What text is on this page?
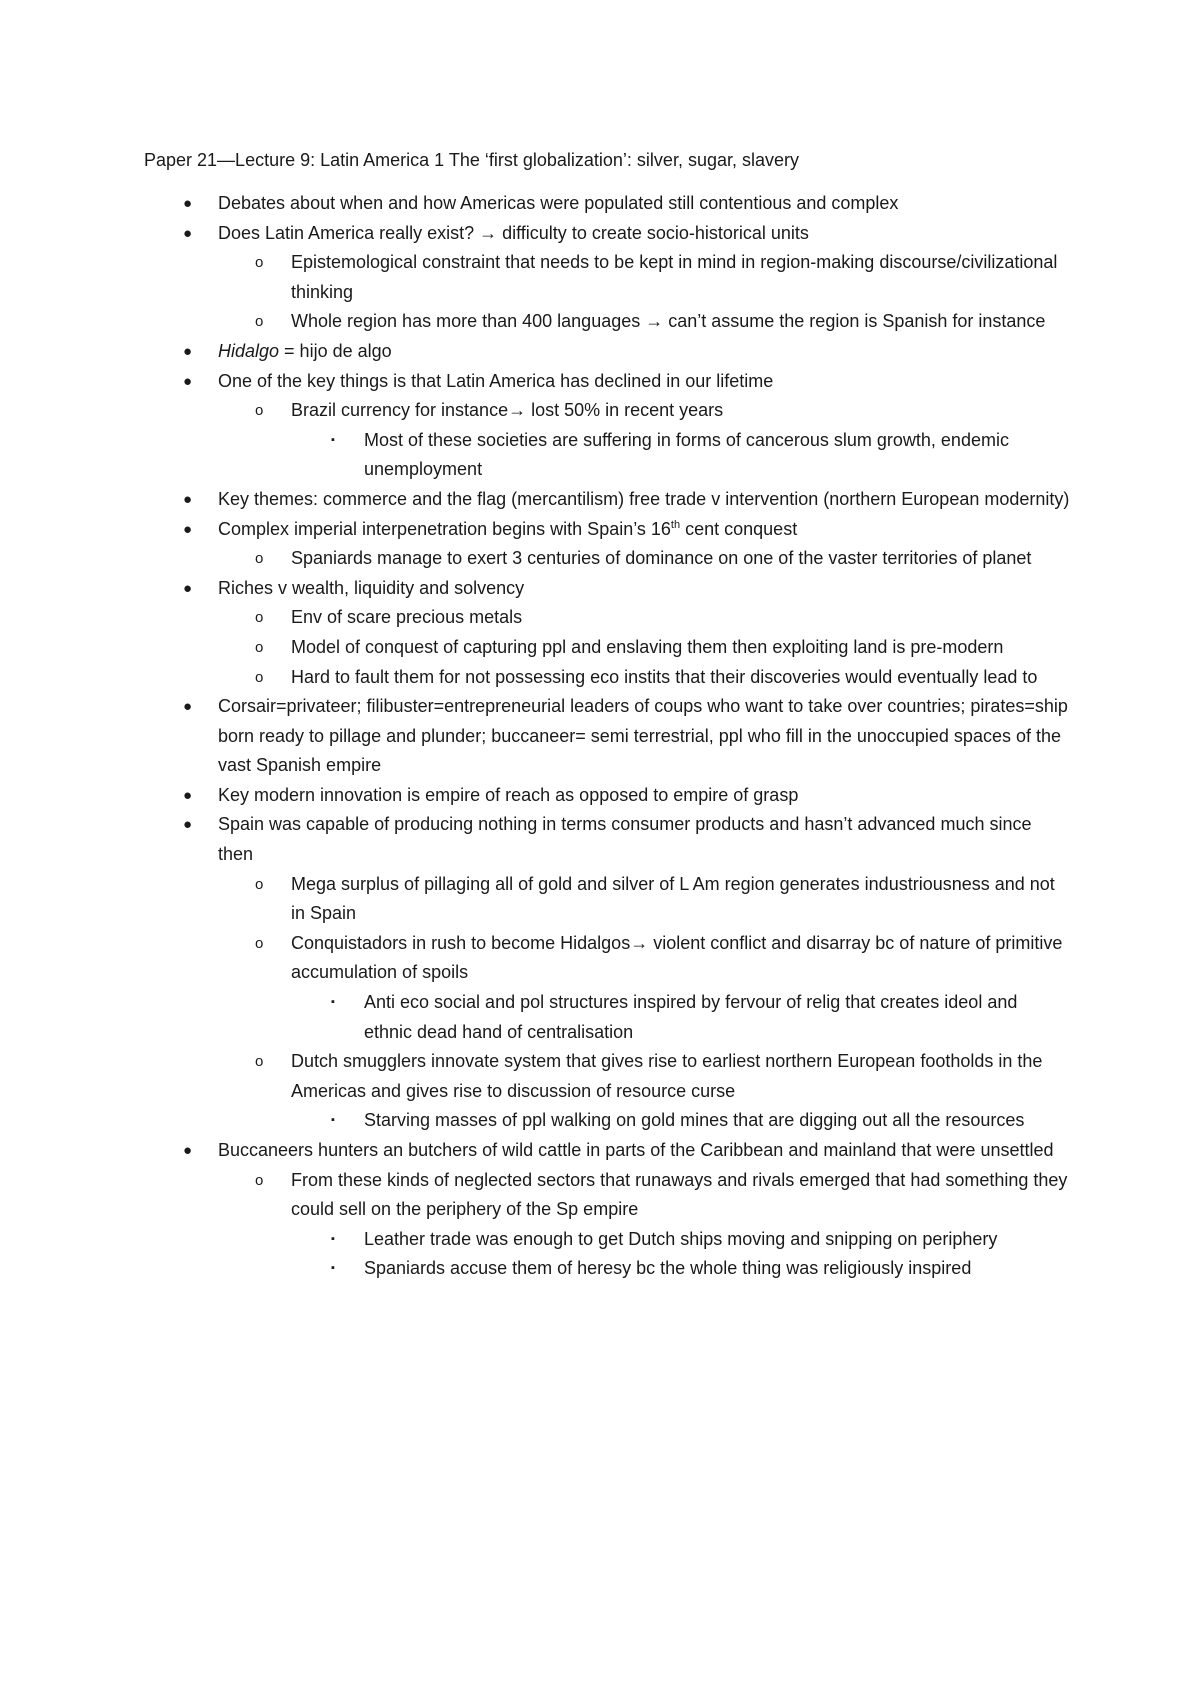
Paper 21—Lecture 9: Latin America 1 The ‘first globalization’: silver, sugar, slavery
● Debates about when and how Americas were populated still contentious and complex
● Does Latin America really exist? → difficulty to create socio-historical units
o Epistemological constraint that needs to be kept in mind in region-making discourse/civilizational thinking
o Whole region has more than 400 languages → can’t assume the region is Spanish for instance
● Hidalgo = hijo de algo
● One of the key things is that Latin America has declined in our lifetime
o Brazil currency for instance→ lost 50% in recent years
▪ Most of these societies are suffering in forms of cancerous slum growth, endemic unemployment
● Key themes: commerce and the flag (mercantilism) free trade v intervention (northern European modernity)
● Complex imperial interpenetration begins with Spain’s 16th cent conquest
o Spaniards manage to exert 3 centuries of dominance on one of the vaster territories of planet
● Riches v wealth, liquidity and solvency
o Env of scare precious metals
o Model of conquest of capturing ppl and enslaving them then exploiting land is pre-modern
o Hard to fault them for not possessing eco instits that their discoveries would eventually lead to
● Corsair=privateer; filibuster=entrepreneurial leaders of coups who want to take over countries; pirates=ship born ready to pillage and plunder; buccaneer= semi terrestrial, ppl who fill in the unoccupied spaces of the vast Spanish empire
● Key modern innovation is empire of reach as opposed to empire of grasp
● Spain was capable of producing nothing in terms consumer products and hasn’t advanced much since then
o Mega surplus of pillaging all of gold and silver of L Am region generates industriousness and not in Spain
o Conquistadors in rush to become Hidalgos→ violent conflict and disarray bc of nature of primitive accumulation of spoils
▪ Anti eco social and pol structures inspired by fervour of relig that creates ideol and ethnic dead hand of centralisation
o Dutch smugglers innovate system that gives rise to earliest northern European footholds in the Americas and gives rise to discussion of resource curse
▪ Starving masses of ppl walking on gold mines that are digging out all the resources
● Buccaneers hunters an butchers of wild cattle in parts of the Caribbean and mainland that were unsettled
o From these kinds of neglected sectors that runaways and rivals emerged that had something they could sell on the periphery of the Sp empire
▪ Leather trade was enough to get Dutch ships moving and snipping on periphery
▪ Spaniards accuse them of heresy bc the whole thing was religiously inspired
